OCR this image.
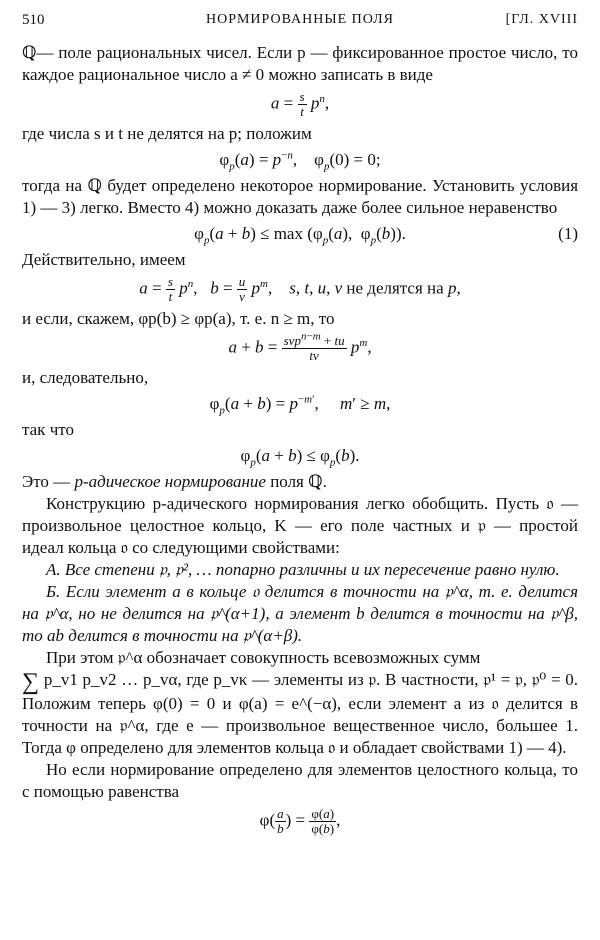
510	НОРМИРОВАННЫЕ ПОЛЯ	[ГЛ. XVIII

ℚ— поле рациональных чисел. Если p — фиксированное простое число, то каждое рациональное число a ≠ 0 можно записать в виде

$a = \frac{s}{t} p^n$,

где числа s и t не делятся на p; положим

$\varphi_p(a) = p^{-n}$,    $\varphi_p(0) = 0$;

тогда на ℚ будет определено некоторое нормирование. Установить условия 1) — 3) легко. Вместо 4) можно доказать даже более сильное неравенство

$\varphi_p(a + b) \le \max (\varphi_p(a)$,  $\varphi_p(b)$).	(1)

Действительно, имеем

$a = \frac{s}{t} p^n$,   $b = \frac{u}{v} p^m$,    s, t, u, v не делятся на p,

и если, скажем, φp(b) ≥ φp(a), т. е. n ≥ m, то

$a + b = \frac{svp^{n-m} + tu}{tv} p^m$,

и, следовательно,

$\varphi_p(a + b) = p^{-m'}$,     m′ ≥ m,

так что

$\varphi_p(a + b) \le \varphi_p(b)$.

Это — p-адическое нормирование поля ℚ.

Конструкцию p-адического нормирования легко обобщить. Пусть 𝔬 — произвольное целостное кольцо, K — его поле частных и 𝔭 — простой идеал кольца 𝔬 со следующими свойствами:

А. Все степени 𝔭, 𝔭², … попарно различны и их пересечение равно нулю.

Б. Если элемент a в кольце 𝔬 делится в точности на 𝔭^α, т. е. делится на 𝔭^α, но не делится на 𝔭^(α+1), а элемент b делится в точности на 𝔭^β, то ab делится в точности на 𝔭^(α+β).

При этом 𝔭^α обозначает совокупность всевозможных сумм

∑ p_v1 p_v2 … p_vα, где p_vκ — элементы из 𝔭. В частности, 𝔭¹ = 𝔭, 𝔭⁰ = 0. Положим теперь φ(0) = 0 и φ(a) = e^(−α), если элемент a из 𝔬 делится в точности на 𝔭^α, где e — произвольное вещественное число, большее 1. Тогда φ определено для элементов кольца 𝔬 и обладает свойствами 1) — 4).

Но если нормирование определено для элементов целостного кольца, то с помощью равенства

$\varphi( \frac{a}{b}$ ) = $\frac{\varphi(a)}{\varphi(b)}$ ,
